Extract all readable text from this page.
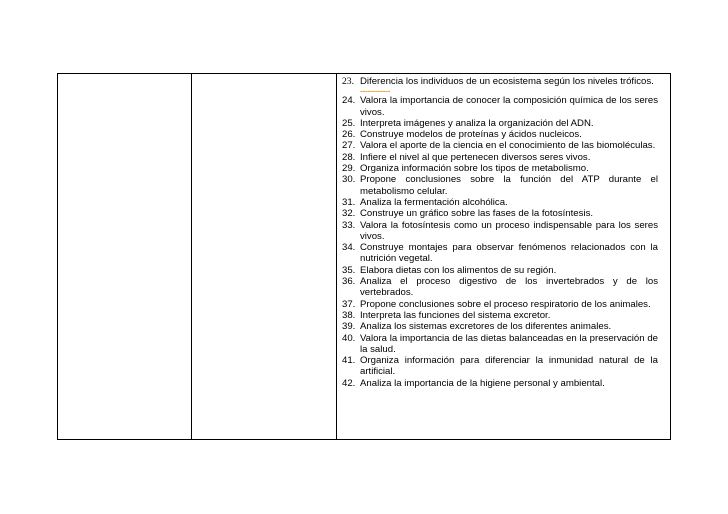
23. Diferencia los individuos de un ecosistema según los niveles tróficos.
------------
24. Valora la importancia de conocer la composición química de los seres vivos.
25. Interpreta imágenes y analiza la organización del ADN.
26. Construye modelos de proteínas y ácidos nucleicos.
27. Valora el aporte de la ciencia en el conocimiento de las biomoléculas.
28. Infiere el nivel al que pertenecen diversos seres vivos.
29. Organiza información sobre los tipos de metabolismo.
30. Propone conclusiones sobre la función del ATP durante el metabolismo celular.
31. Analiza la fermentación alcohólica.
32. Construye un gráfico sobre las fases de la fotosíntesis.
33. Valora la fotosíntesis como un proceso indispensable para los seres vivos.
34. Construye montajes para observar fenómenos relacionados con la nutrición vegetal.
35. Elabora dietas con los alimentos de su región.
36. Analiza el proceso digestivo de los invertebrados y de los vertebrados.
37. Propone conclusiones sobre el proceso respiratorio de los animales.
38. Interpreta las funciones del sistema excretor.
39. Analiza los sistemas excretores de los diferentes animales.
40. Valora la importancia de las dietas balanceadas en la preservación de la salud.
41. Organiza información para diferenciar la inmunidad natural de la artificial.
42. Analiza la importancia de la higiene personal y ambiental.
